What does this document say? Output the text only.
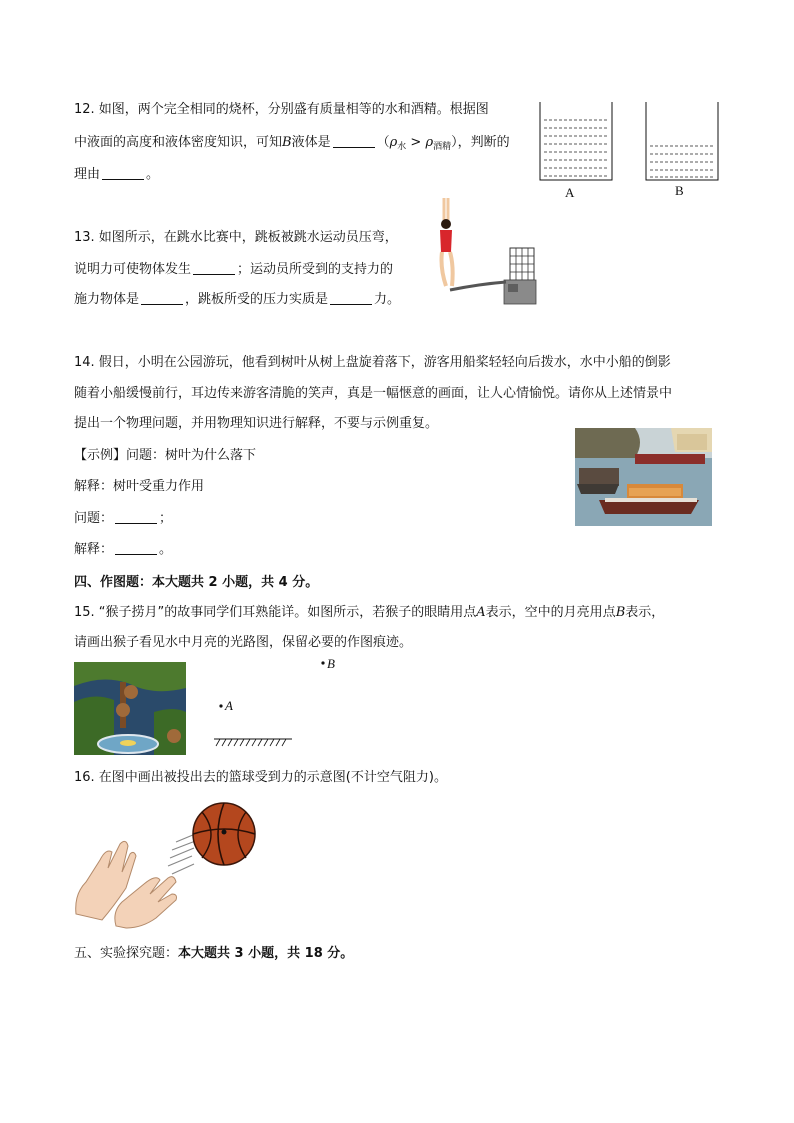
12. 如图，两个完全相同的烧杯，分别盛有质量相等的水和酒精。根据图
中液面的高度和液体密度知识，可知B液体是	$(\rho_水 > \rho_{酒精})$，判断的
理由	。
A	B
13. 如图所示，在跳水比赛中，跳板被跳水运动员压弯，
说明力可使物体发生	；运动员所受到的支持力的
施力物体是	，跳板所受的压力实质是	力。
14. 假日，小明在公园游玩，他看到树叶从树上盘旋着落下，游客用船桨轻轻向后拨水，水中小船的倒影
随着小船缓慢前行，耳边传来游客清脆的笑声，真是一幅惬意的画面，让人心情愉悦。请你从上述情景中
提出一个物理问题，并用物理知识进行解释，不要与示例重复。
【示例】问题：树叶为什么落下
解释：树叶受重力作用
问题：	；
解释：	。
四、作图题：本大题共 2 小题，共 4 分。
15. “猴子捞月”的故事同学们耳熟能详。如图所示，若猴子的眼睛用点A表示，空中的月亮用点B表示，
请画出猴子看见水中月亮的光路图，保留必要的作图痕迹。
B
A
16. 在图中画出被投出去的篮球受到力的示意图(不计空气阻力)。
五、实验探究题：本大题共 3 小题，共 18 分。
